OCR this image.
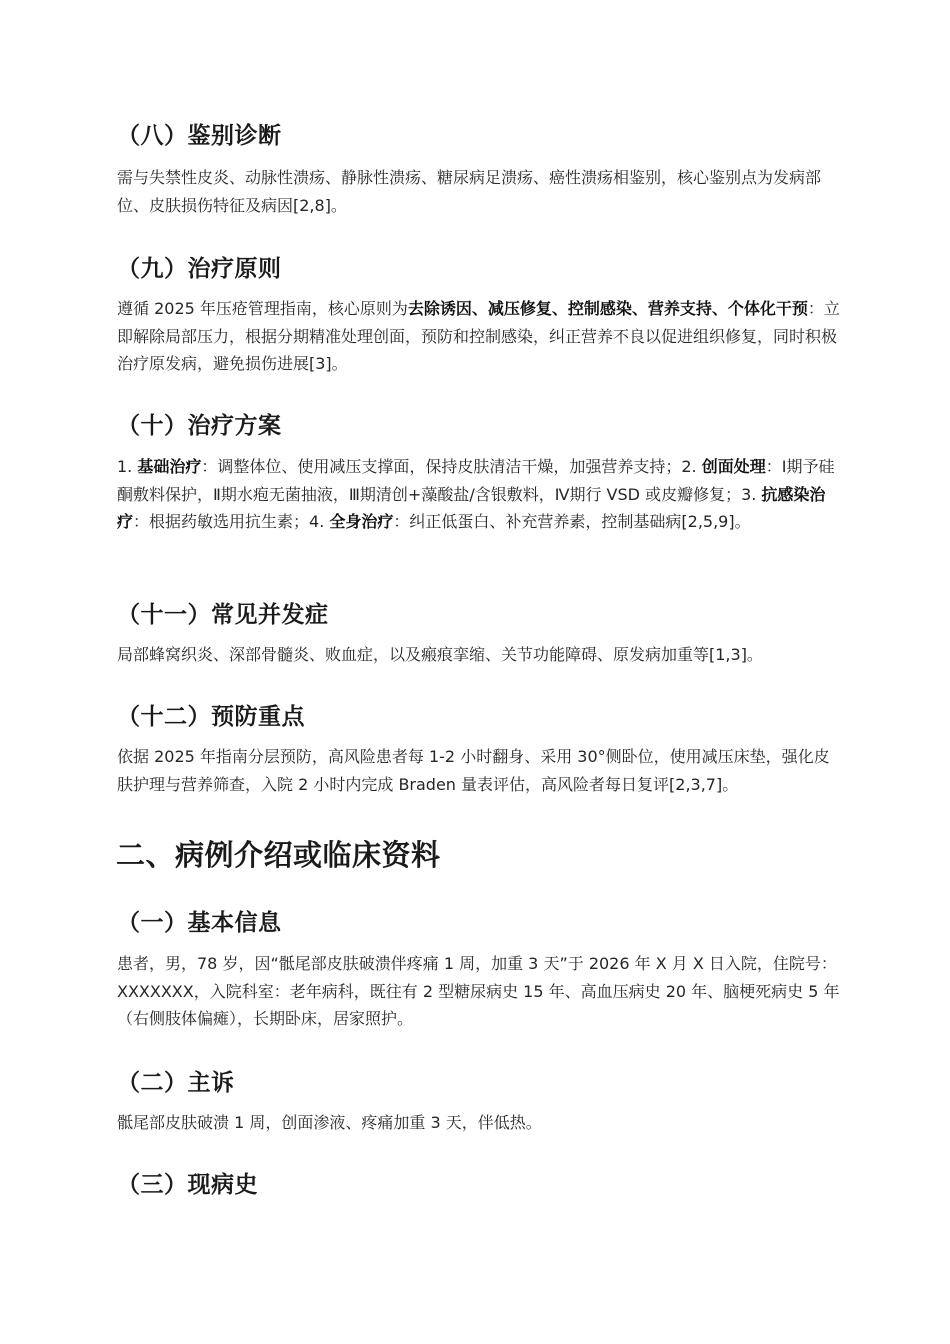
（八）鉴别诊断

需与失禁性皮炎、动脉性溃疡、静脉性溃疡、糖尿病足溃疡、癌性溃疡相鉴别，核心鉴别点为发病部位、皮肤损伤特征及病因[2,8]。

（九）治疗原则

遵循 2025 年压疮管理指南，核心原则为去除诱因、减压修复、控制感染、营养支持、个体化干预：立即解除局部压力，根据分期精准处理创面，预防和控制感染，纠正营养不良以促进组织修复，同时积极治疗原发病，避免损伤进展[3]。

（十）治疗方案

1. 基础治疗：调整体位、使用减压支撑面，保持皮肤清洁干燥，加强营养支持；2. 创面处理：Ⅰ期予硅酮敷料保护，Ⅱ期水疱无菌抽液，Ⅲ期清创+藻酸盐/含银敷料，Ⅳ期行 VSD 或皮瓣修复；3. 抗感染治疗：根据药敏选用抗生素；4. 全身治疗：纠正低蛋白、补充营养素，控制基础病[2,5,9]。

（十一）常见并发症

局部蜂窝织炎、深部骨髓炎、败血症，以及瘢痕挛缩、关节功能障碍、原发病加重等[1,3]。

（十二）预防重点

依据 2025 年指南分层预防，高风险患者每 1-2 小时翻身、采用 30°侧卧位，使用减压床垫，强化皮肤护理与营养筛查，入院 2 小时内完成 Braden 量表评估，高风险者每日复评[2,3,7]。

二、病例介绍或临床资料
（一）基本信息

患者，男，78 岁，因“骶尾部皮肤破溃伴疼痛 1 周，加重 3 天”于 2026 年 X 月 X 日入院，住院号：XXXXXXX，入院科室：老年病科，既往有 2 型糖尿病史 15 年、高血压病史 20 年、脑梗死病史 5 年（右侧肢体偏瘫），长期卧床，居家照护。

（二）主诉

骶尾部皮肤破溃 1 周，创面渗液、疼痛加重 3 天，伴低热。

（三）现病史
